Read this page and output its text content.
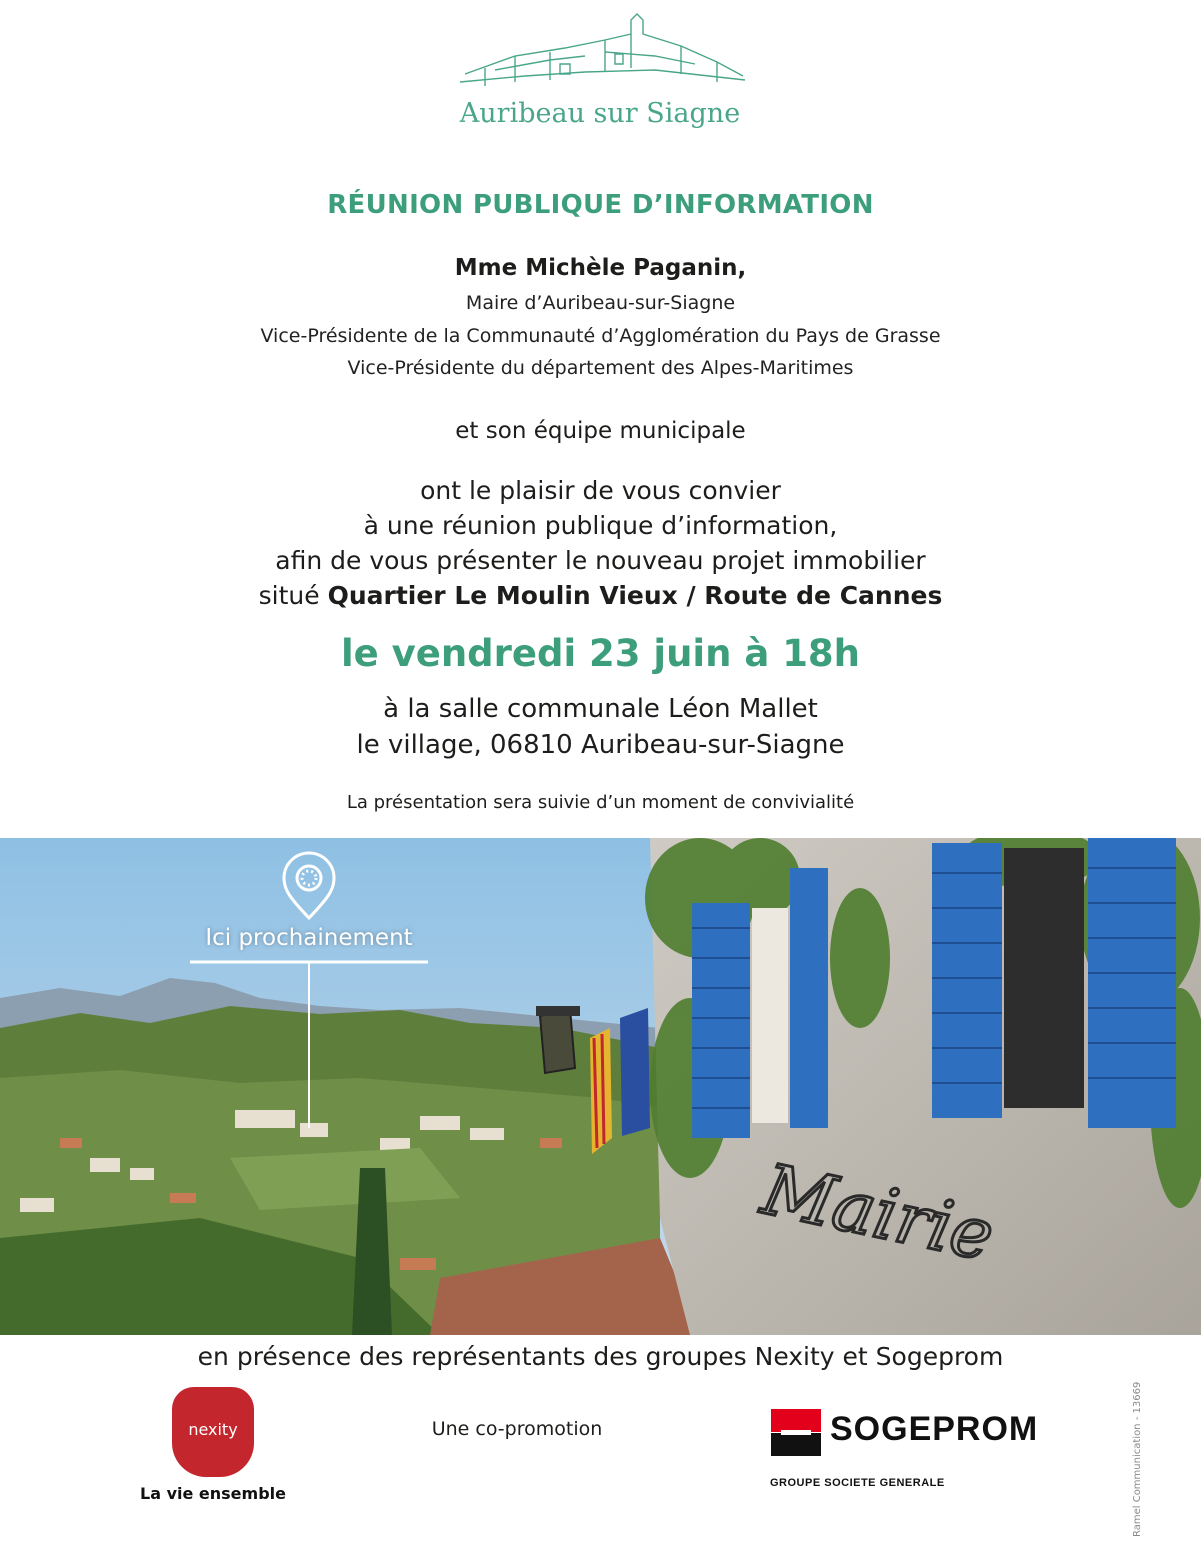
Auribeau sur Siagne
RÉUNION PUBLIQUE D’INFORMATION
Mme Michèle Paganin,
Maire d’Auribeau-sur-Siagne
Vice-Présidente de la Communauté d’Agglomération du Pays de Grasse
Vice-Présidente du département des Alpes-Maritimes
et son équipe municipale
ont le plaisir de vous convier
à une réunion publique d’information,
afin de vous présenter le nouveau projet immobilier
situé Quartier Le Moulin Vieux / Route de Cannes
le vendredi 23 juin à 18h
à la salle communale Léon Mallet
le village, 06810 Auribeau-sur-Siagne
La présentation sera suivie d’un moment de convivialité
Mairie
Ici prochainement
en présence des représentants des groupes Nexity et Sogeprom
nexity
La vie ensemble
Une co-promotion	SOGEPROM
GROUPE SOCIETE GENERALE	Ramel Communication - 13669
